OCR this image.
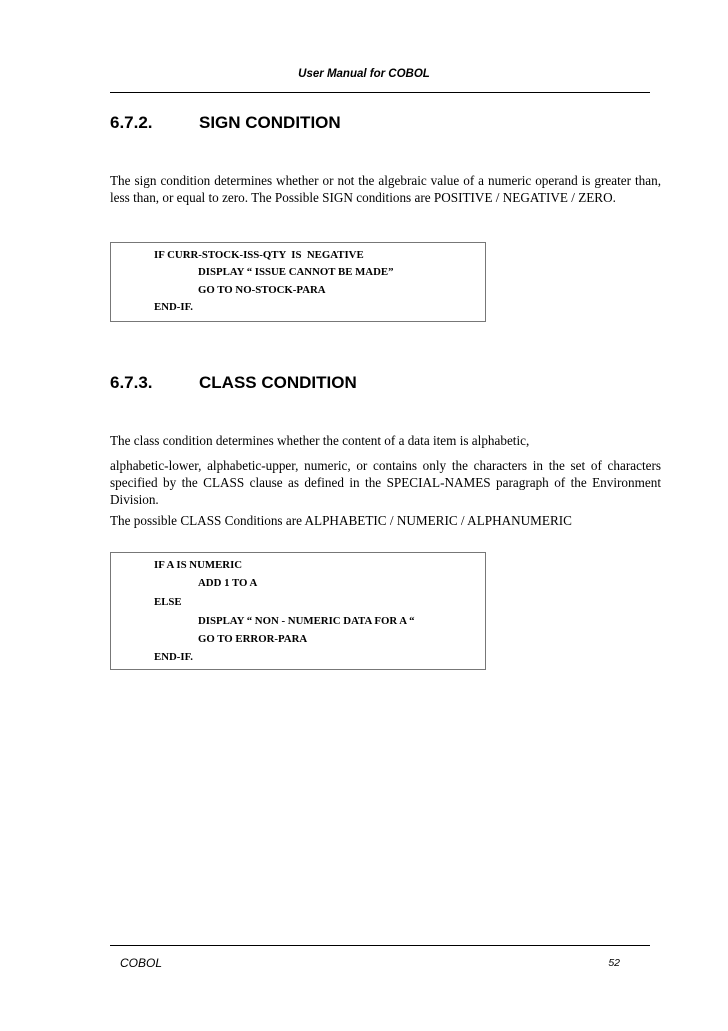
User Manual for COBOL
6.7.2.	SIGN CONDITION

The sign condition determines whether or not the algebraic value of a numeric operand is greater than, less than, or equal to zero. The Possible SIGN conditions are POSITIVE / NEGATIVE / ZERO.

IF CURR-STOCK-ISS-QTY  IS  NEGATIVE
DISPLAY “ ISSUE CANNOT BE MADE”
GO TO NO-STOCK-PARA
END-IF.
6.7.3.	CLASS CONDITION

The class condition determines whether the content of a data item is alphabetic,

alphabetic-lower, alphabetic-upper, numeric, or contains only the characters in the set of characters specified by the CLASS clause as defined in the SPECIAL-NAMES paragraph of the Environment Division.

The possible CLASS Conditions are ALPHABETIC / NUMERIC / ALPHANUMERIC

IF A IS NUMERIC
ADD 1 TO A
ELSE
DISPLAY “ NON - NUMERIC DATA FOR A “
GO TO ERROR-PARA
END-IF.
COBOL	52
